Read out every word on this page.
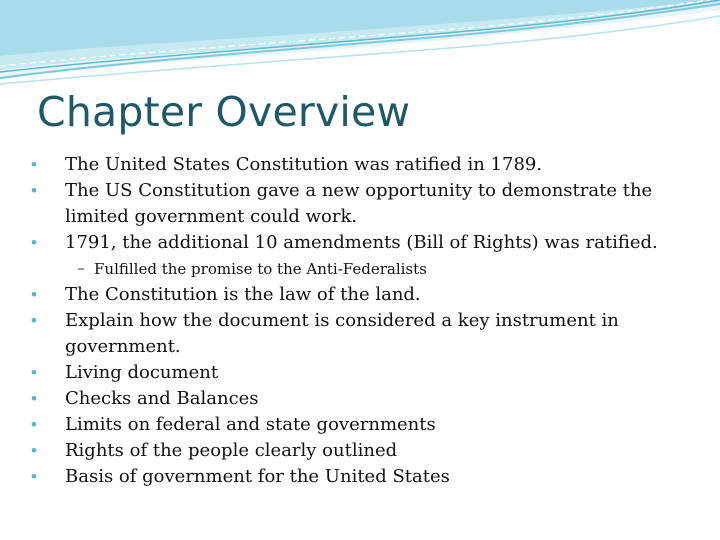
Chapter Overview
• The United States Constitution was ratified in 1789.
• The US Constitution gave a new opportunity to demonstrate the limited government could work.
• 1791, the additional 10 amendments (Bill of Rights) was ratified.
– Fulfilled the promise to the Anti-Federalists
• The Constitution is the law of the land.
• Explain how the document is considered a key instrument in government.
• Living document
• Checks and Balances
• Limits on federal and state governments
• Rights of the people clearly outlined
• Basis of government for the United States
